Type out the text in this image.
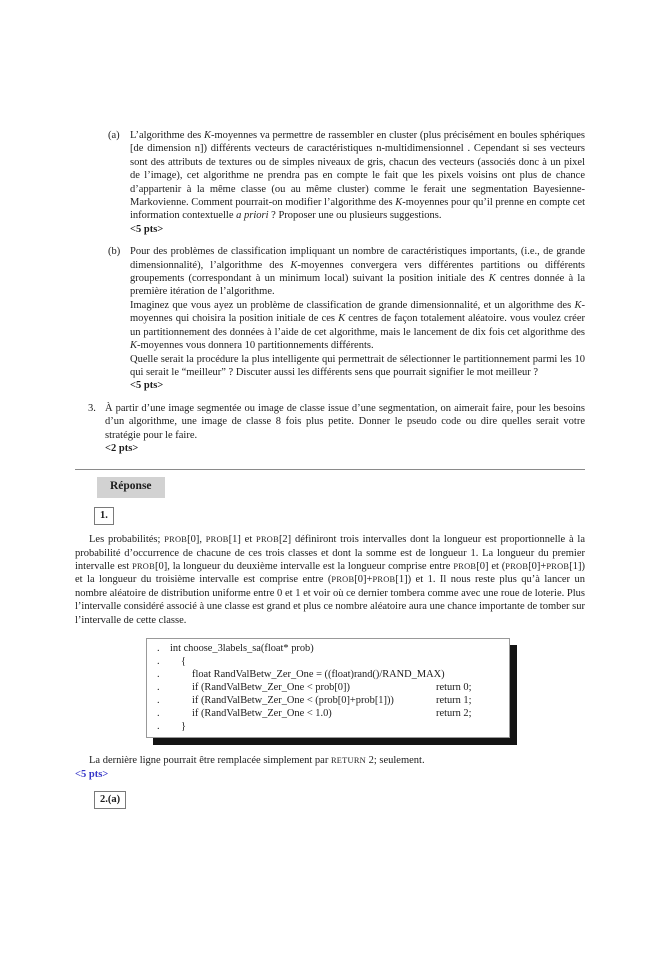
(a) L’algorithme des K-moyennes va permettre de rassembler en cluster (plus précisément en boules sphériques [de dimension n]) différents vecteurs de caractéristiques n-multidimensionnel . Cependant si ses vecteurs sont des attributs de textures ou de simples niveaux de gris, chacun des vecteurs (associés donc à un pixel de l’image), cet algorithme ne prendra pas en compte le fait que les pixels voisins ont plus de chance d’appartenir à la même classe (ou au même cluster) comme le ferait une segmentation Bayesienne-Markovienne. Comment pourrait-on modifier l’algorithme des K-moyennes pour qu’il prenne en compte cet information contextuelle a priori ? Proposer une ou plusieurs suggestions.

<5 pts>

(b) Pour des problèmes de classification impliquant un nombre de caractéristiques importants, (i.e., de grande dimensionnalité), l’algorithme des K-moyennes convergera vers différentes partitions ou différents groupements (correspondant à un minimum local) suivant la position initiale des K centres donnée à la première itération de l’algorithme.

Imaginez que vous ayez un problème de classification de grande dimensionnalité, et un algorithme des K-moyennes qui choisira la position initiale de ces K centres de façon totalement aléatoire. vous voulez créer un partitionnement des données à l’aide de cet algorithme, mais le lancement de dix fois cet algorithme des K-moyennes vous donnera 10 partitionnements différents.

Quelle serait la procédure la plus intelligente qui permettrait de sélectionner le partitionnement parmi les 10 qui serait le “meilleur” ? Discuter aussi les différents sens que pourrait signifier le mot meilleur ?

<5 pts>

3. À partir d’une image segmentée ou image de classe issue d’une segmentation, on aimerait faire, pour les besoins d’un algorithme, une image de classe 8 fois plus petite. Donner le pseudo code ou dire quelles serait votre stratégie pour le faire.

<2 pts>

Réponse
1.

Les probabilités; PROB[0], PROB[1] et PROB[2] définiront trois intervalles dont la longueur est proportionnelle à la probabilité d’occurrence de chacune de ces trois classes et dont la somme est de longueur 1. La longueur du premier intervalle est PROB[0], la longueur du deuxième intervalle est la longueur comprise entre PROB[0] et (PROB[0]+PROB[1]) et la longueur du troisième intervalle est comprise entre (PROB[0]+PROB[1]) et 1. Il nous reste plus qu’à lancer un nombre aléatoire de distribution uniforme entre 0 et 1 et voir où ce dernier tombera comme avec une roue de loterie. Plus l’intervalle considéré associé à une classe est grand et plus ce nombre aléatoire aura une chance importante de tomber sur l’intervalle de cette classe.

. int choose_3labels_sa(float* prob)
. {
.	float RandValBetw_Zer_One = ((float)rand()/RAND_MAX)
.	if (RandValBetw_Zer_One < prob[0])	return 0;
.	if (RandValBetw_Zer_One < (prob[0]+prob[1]))	return 1;
.	if (RandValBetw_Zer_One < 1.0)	return 2;
. }

La dernière ligne pourrait être remplacée simplement par RETURN 2; seulement.

<5 pts>

2.(a)
